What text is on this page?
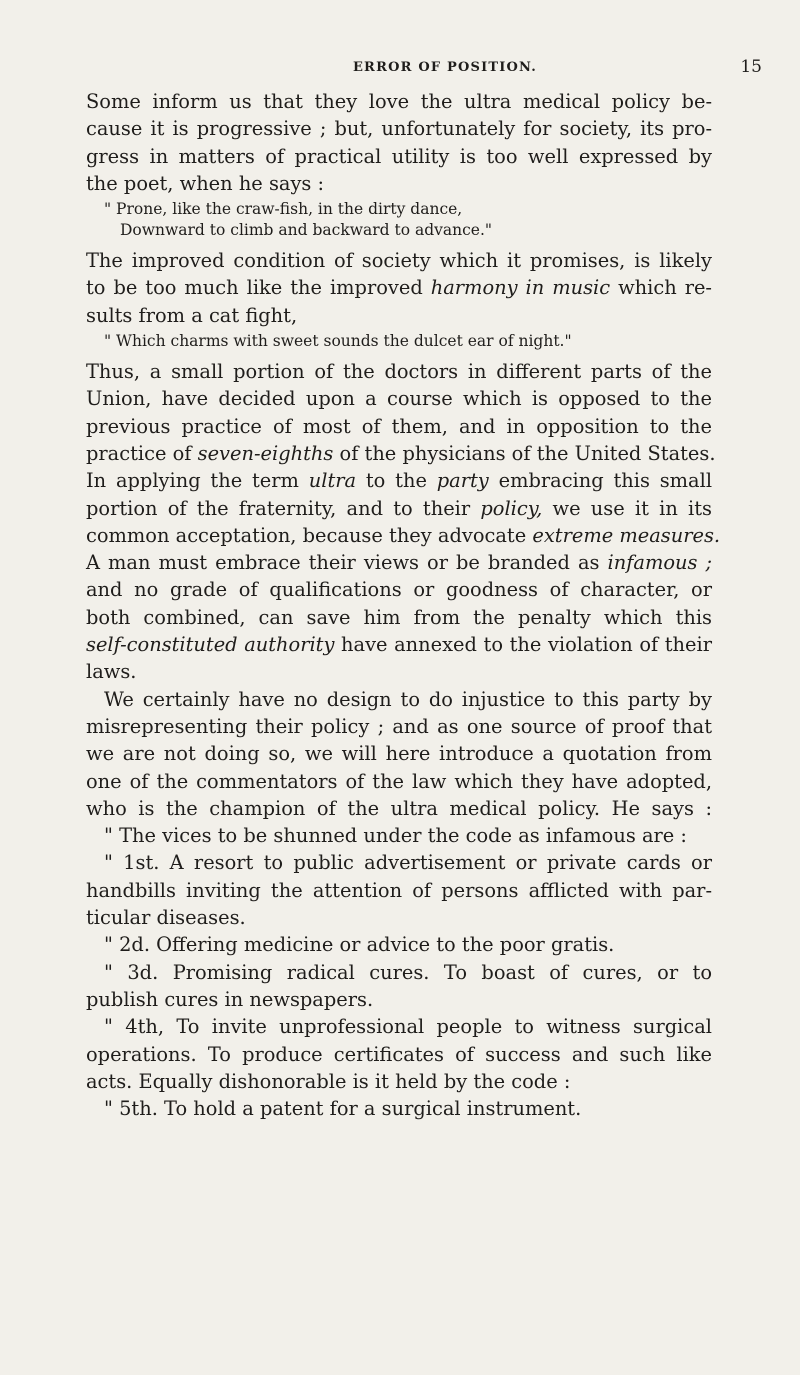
ERROR OF POSITION.	15
Some inform us that they love the ultra medical policy be-
cause it is progressive ; but, unfortunately for society, its pro-
gress in matters of practical utility is too well expressed by
the poet, when he says :
" Prone, like the craw-fish, in the dirty dance,
Downward to climb and backward to advance."
The improved condition of society which it promises, is likely
to be too much like the improved harmony in music which re-
sults from a cat fight,
" Which charms with sweet sounds the dulcet ear of night."
Thus, a small portion of the doctors in different parts of the
Union, have decided upon a course which is opposed to the
previous practice of most of them, and in opposition to the
practice of seven-eighths of the physicians of the United States.
In applying the term ultra to the party embracing this small
portion of the fraternity, and to their policy, we use it in its
common acceptation, because they advocate extreme measures.
A man must embrace their views or be branded as infamous ;
and no grade of qualifications or goodness of character, or
both combined, can save him from the penalty which this
self-constituted authority have annexed to the violation of their
laws.
We certainly have no design to do injustice to this party by
misrepresenting their policy ; and as one source of proof that
we are not doing so, we will here introduce a quotation from
one of the commentators of the law which they have adopted,
who is the champion of the ultra medical policy. He says :
" The vices to be shunned under the code as infamous are :
" 1st. A resort to public advertisement or private cards or
handbills inviting the attention of persons afflicted with par-
ticular diseases.
" 2d. Offering medicine or advice to the poor gratis.
" 3d. Promising radical cures. To boast of cures, or to
publish cures in newspapers.
" 4th, To invite unprofessional people to witness surgical
operations. To produce certificates of success and such like
acts. Equally dishonorable is it held by the code :
" 5th. To hold a patent for a surgical instrument.
